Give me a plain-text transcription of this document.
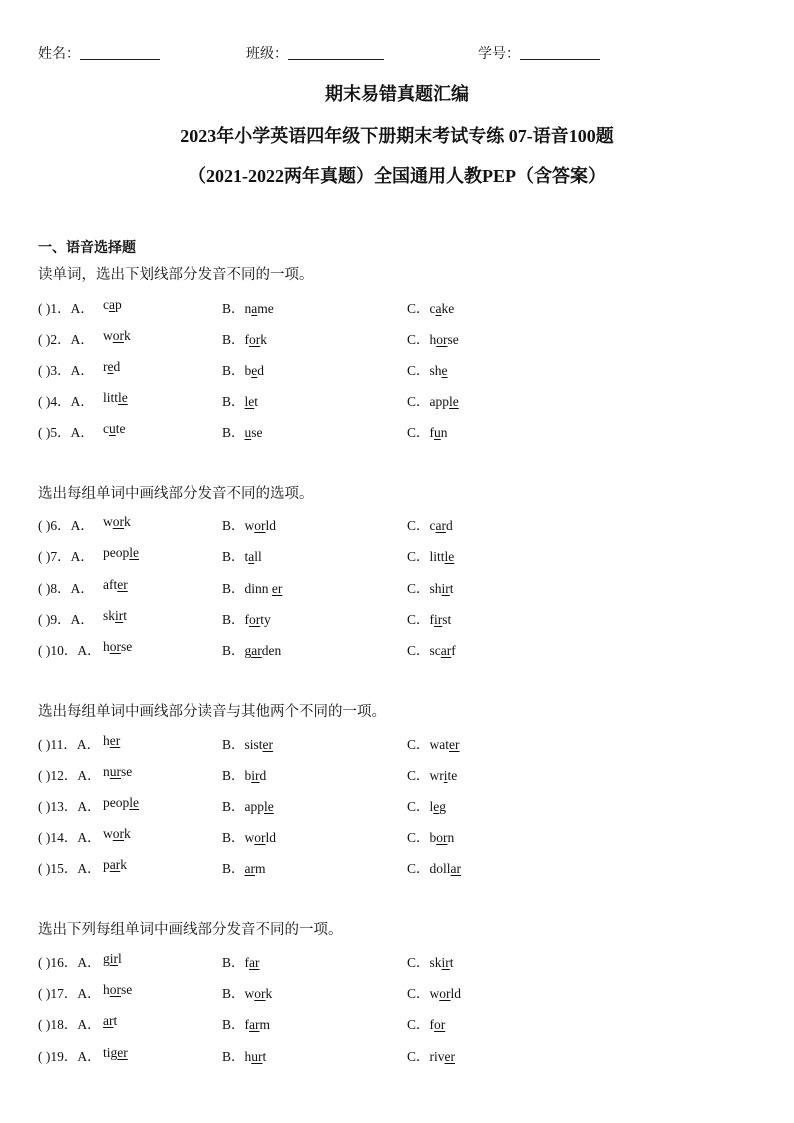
姓名：	班级：	学号：
期末易错真题汇编
2023年小学英语四年级下册期末考试专练 07-语音100题
（2021-2022两年真题）全国通用人教PEP（含答案）
一、语音选择题
读单词，选出下划线部分发音不同的一项。
( )1．A． cap	B．name	C．cake
( )2．A． work	B．fork	C．horse
( )3．A． red	B．bed	C．she
( )4．A． little	B．let	C．apple
( )5．A． cute	B．use	C．fun
选出每组单词中画线部分发音不同的选项。
( )6．A． work	B．world	C．card
( )7．A． people	B．tall	C．little
( )8．A． after	B．dinn er	C．shirt
( )9．A． skirt	B．forty	C．first
( )10．A． horse	B．garden	C．scarf
选出每组单词中画线部分读音与其他两个不同的一项。
( )11．A． her	B．sister	C．water
( )12．A． nurse	B．bird	C．write
( )13．A． people	B．apple	C．leg
( )14．A． work	B．world	C．born
( )15．A． park	B．arm	C．dollar
选出下列每组单词中画线部分发音不同的一项。
( )16．A． girl	B．far	C．skirt
( )17．A． horse	B．work	C．world
( )18．A． art	B．farm	C．for
( )19．A． tiger	B．hurt	C．river
